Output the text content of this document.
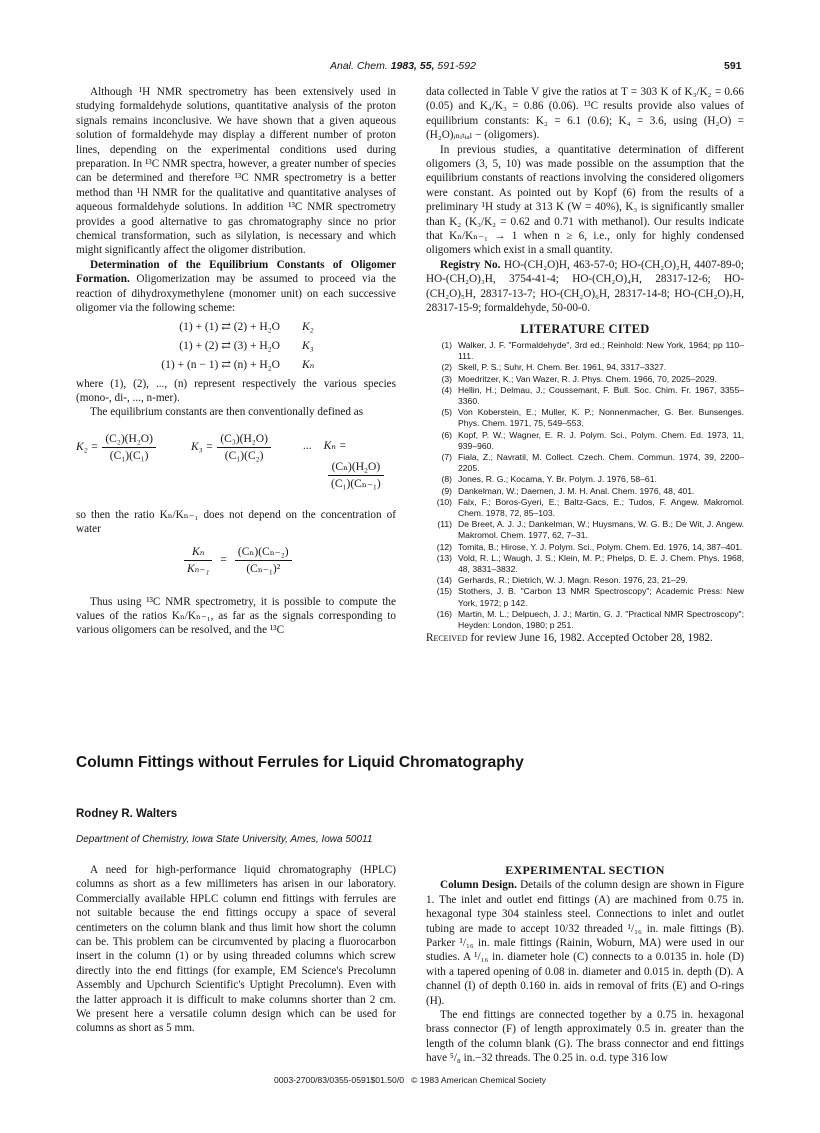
Anal. Chem. 1983, 55, 591-592	591

Although ¹H NMR spectrometry has been extensively used in studying formaldehyde solutions, quantitative analysis of the proton signals remains inconclusive. We have shown that a given aqueous solution of formaldehyde may display a different number of proton lines, depending on the experimental conditions used during preparation. In ¹³C NMR spectra, however, a greater number of species can be determined and therefore ¹³C NMR spectrometry is a better method than ¹H NMR for the qualitative and quantitative analyses of aqueous formaldehyde solutions. In addition ¹³C NMR spectrometry provides a good alternative to gas chromatography since no prior chemical transformation, such as silylation, is necessary and which might significantly affect the oligomer distribution.

Determination of the Equilibrium Constants of Oligomer Formation. Oligomerization may be assumed to proceed via the reaction of dihydroxymethylene (monomer unit) on each successive oligomer via the following scheme:

(1) + (1) ⇄ (2) + H₂O	K₂
(1) + (2) ⇄ (3) + H₂O	K₃
(1) + (n − 1) ⇄ (n) + H₂O	Kₙ

where (1), (2), ..., (n) represent respectively the various species (mono-, di-, ..., n-mer).

The equilibrium constants are then conventionally defined as

$K_2 = \frac{\text{(C₂)(H₂O)}}{\text{(C₁)(C₁)}}$	$K_3 = \frac{\text{(C₃)(H₂O)}}{\text{(C₁)(C₂)}}$	... Kₙ =
$\frac{\text{(Cₙ)(H₂O)}}{\text{(C₁)(Cₙ₋₁)}}$

so then the ratio Kₙ/Kₙ₋₁ does not depend on the concentration of water

$\frac{\text{Kₙ}}{\text{Kₙ₋₁}} = \frac{\text{(Cₙ)(Cₙ₋₂)}}{\text{(Cₙ₋₁)²}}$

Thus using ¹³C NMR spectrometry, it is possible to compute the values of the ratios Kₙ/Kₙ₋₁, as far as the signals corresponding to various oligomers can be resolved, and the ¹³C

data collected in Table V give the ratios at T = 303 K of K₃/K₂ = 0.66 (0.05) and K₄/K₃ = 0.86 (0.06). ¹³C results provide also values of equilibrium constants: K₂ = 6.1 (0.6); K₄ = 3.6, using (H₂O) = (H₂O)ᵢₙᵢₜᵢₐₗ − (oligomers).

In previous studies, a quantitative determination of different oligomers (3, 5, 10) was made possible on the assumption that the equilibrium constants of reactions involving the considered oligomers were constant. As pointed out by Kopf (6) from the results of a preliminary ¹H study at 313 K (W = 40%), K₃ is significantly smaller than K₂ (K₃/K₂ = 0.62 and 0.71 with methanol). Our results indicate that Kₙ/Kₙ₋₁ → 1 when n ≥ 6, i.e., only for highly condensed oligomers which exist in a small quantity.

Registry No. HO-(CH₂O)H, 463-57-0; HO-(CH₂O)₂H, 4407-89-0; HO-(CH₂O)₃H, 3754-41-4; HO-(CH₂O)₄H, 28317-12-6; HO-(CH₂O)₅H, 28317-13-7; HO-(CH₂O)₆H, 28317-14-8; HO-(CH₂O)₇H, 28317-15-9; formaldehyde, 50-00-0.

LITERATURE CITED
(1) Walker, J. F. "Formaldehyde", 3rd ed.; Reinhold: New York, 1964; pp 110–111.
(2) Skell, P. S.; Suhr, H. Chem. Ber. 1961, 94, 3317–3327.
(3) Moedritzer, K.; Van Wazer, R. J. Phys. Chem. 1966, 70, 2025–2029.
(4) Hellin, H.; Delmau, J.; Coussemant, F. Bull. Soc. Chim. Fr. 1967, 3355–3360.
(5) Von Koberstein, E.; Muller, K. P.; Nonnenmacher, G. Ber. Bunsenges. Phys. Chem. 1971, 75, 549–553.
(6) Kopf, P. W.; Wagner, E. R. J. Polym. Sci., Polym. Chem. Ed. 1973, 11, 939–960.
(7) Fiala, Z.; Navratil, M. Collect. Czech. Chem. Commun. 1974, 39, 2200–2205.
(8) Jones, R. G.; Kocama, Y. Br. Polym. J. 1976, 58–61.
(9) Dankelman, W.; Daemen, J. M. H. Anal. Chem. 1976, 48, 401.
(10) Falx, F.; Boros-Gyeri, E.; Baltz-Gacs, E.; Tudos, F. Angew. Makromol. Chem. 1978, 72, 85–103.
(11) De Breet, A. J. J.; Dankelman, W.; Huysmans, W. G. B.; De Wit, J. Angew. Makromol. Chem. 1977, 62, 7–31.
(12) Tomita, B.; Hirose, Y. J. Polym. Sci., Polym. Chem. Ed. 1976, 14, 387–401.
(13) Vold, R. L.; Waugh, J. S.; Klein, M. P.; Phelps, D. E. J. Chem. Phys. 1968, 48, 3831–3832.
(14) Gerhards, R.; Dietrich, W. J. Magn. Reson. 1976, 23, 21–29.
(15) Stothers, J. B. "Carbon 13 NMR Spectroscopy"; Academic Press: New York, 1972; p 142.
(16) Martin, M. L.; Delpuech, J. J.; Martin, G. J. "Practical NMR Spectroscopy"; Heyden: London, 1980; p 251.

Received for review June 16, 1982. Accepted October 28, 1982.

Column Fittings without Ferrules for Liquid Chromatography
Rodney R. Walters
Department of Chemistry, Iowa State University, Ames, Iowa 50011

A need for high-performance liquid chromatography (HPLC) columns as short as a few millimeters has arisen in our laboratory. Commercially available HPLC column end fittings with ferrules are not suitable because the end fittings occupy a space of several centimeters on the column blank and thus limit how short the column can be. This problem can be circumvented by placing a fluorocarbon insert in the column (1) or by using threaded columns which screw directly into the end fittings (for example, EM Science's Precolumn Assembly and Upchurch Scientific's Uptight Precolumn). Even with the latter approach it is difficult to make columns shorter than 2 cm. We present here a versatile column design which can be used for columns as short as 5 mm.

EXPERIMENTAL SECTION

Column Design. Details of the column design are shown in Figure 1. The inlet and outlet end fittings (A) are machined from 0.75 in. hexagonal type 304 stainless steel. Connections to inlet and outlet tubing are made to accept 10/32 threaded ¹/₁₆ in. male fittings (B). Parker ¹/₁₆ in. male fittings (Rainin, Woburn, MA) were used in our studies. A ¹/₁₆ in. diameter hole (C) connects to a 0.0135 in. hole (D) with a tapered opening of 0.08 in. diameter and 0.015 in. depth (D). A channel (I) of depth 0.160 in. aids in removal of frits (E) and O-rings (H).

The end fittings are connected together by a 0.75 in. hexagonal brass connector (F) of length approximately 0.5 in. greater than the length of the column blank (G). The brass connector and end fittings have ⁵/₈ in.−32 threads. The 0.25 in. o.d. type 316 low

0003-2700/83/0355-0591$01.50/0 © 1983 American Chemical Society
